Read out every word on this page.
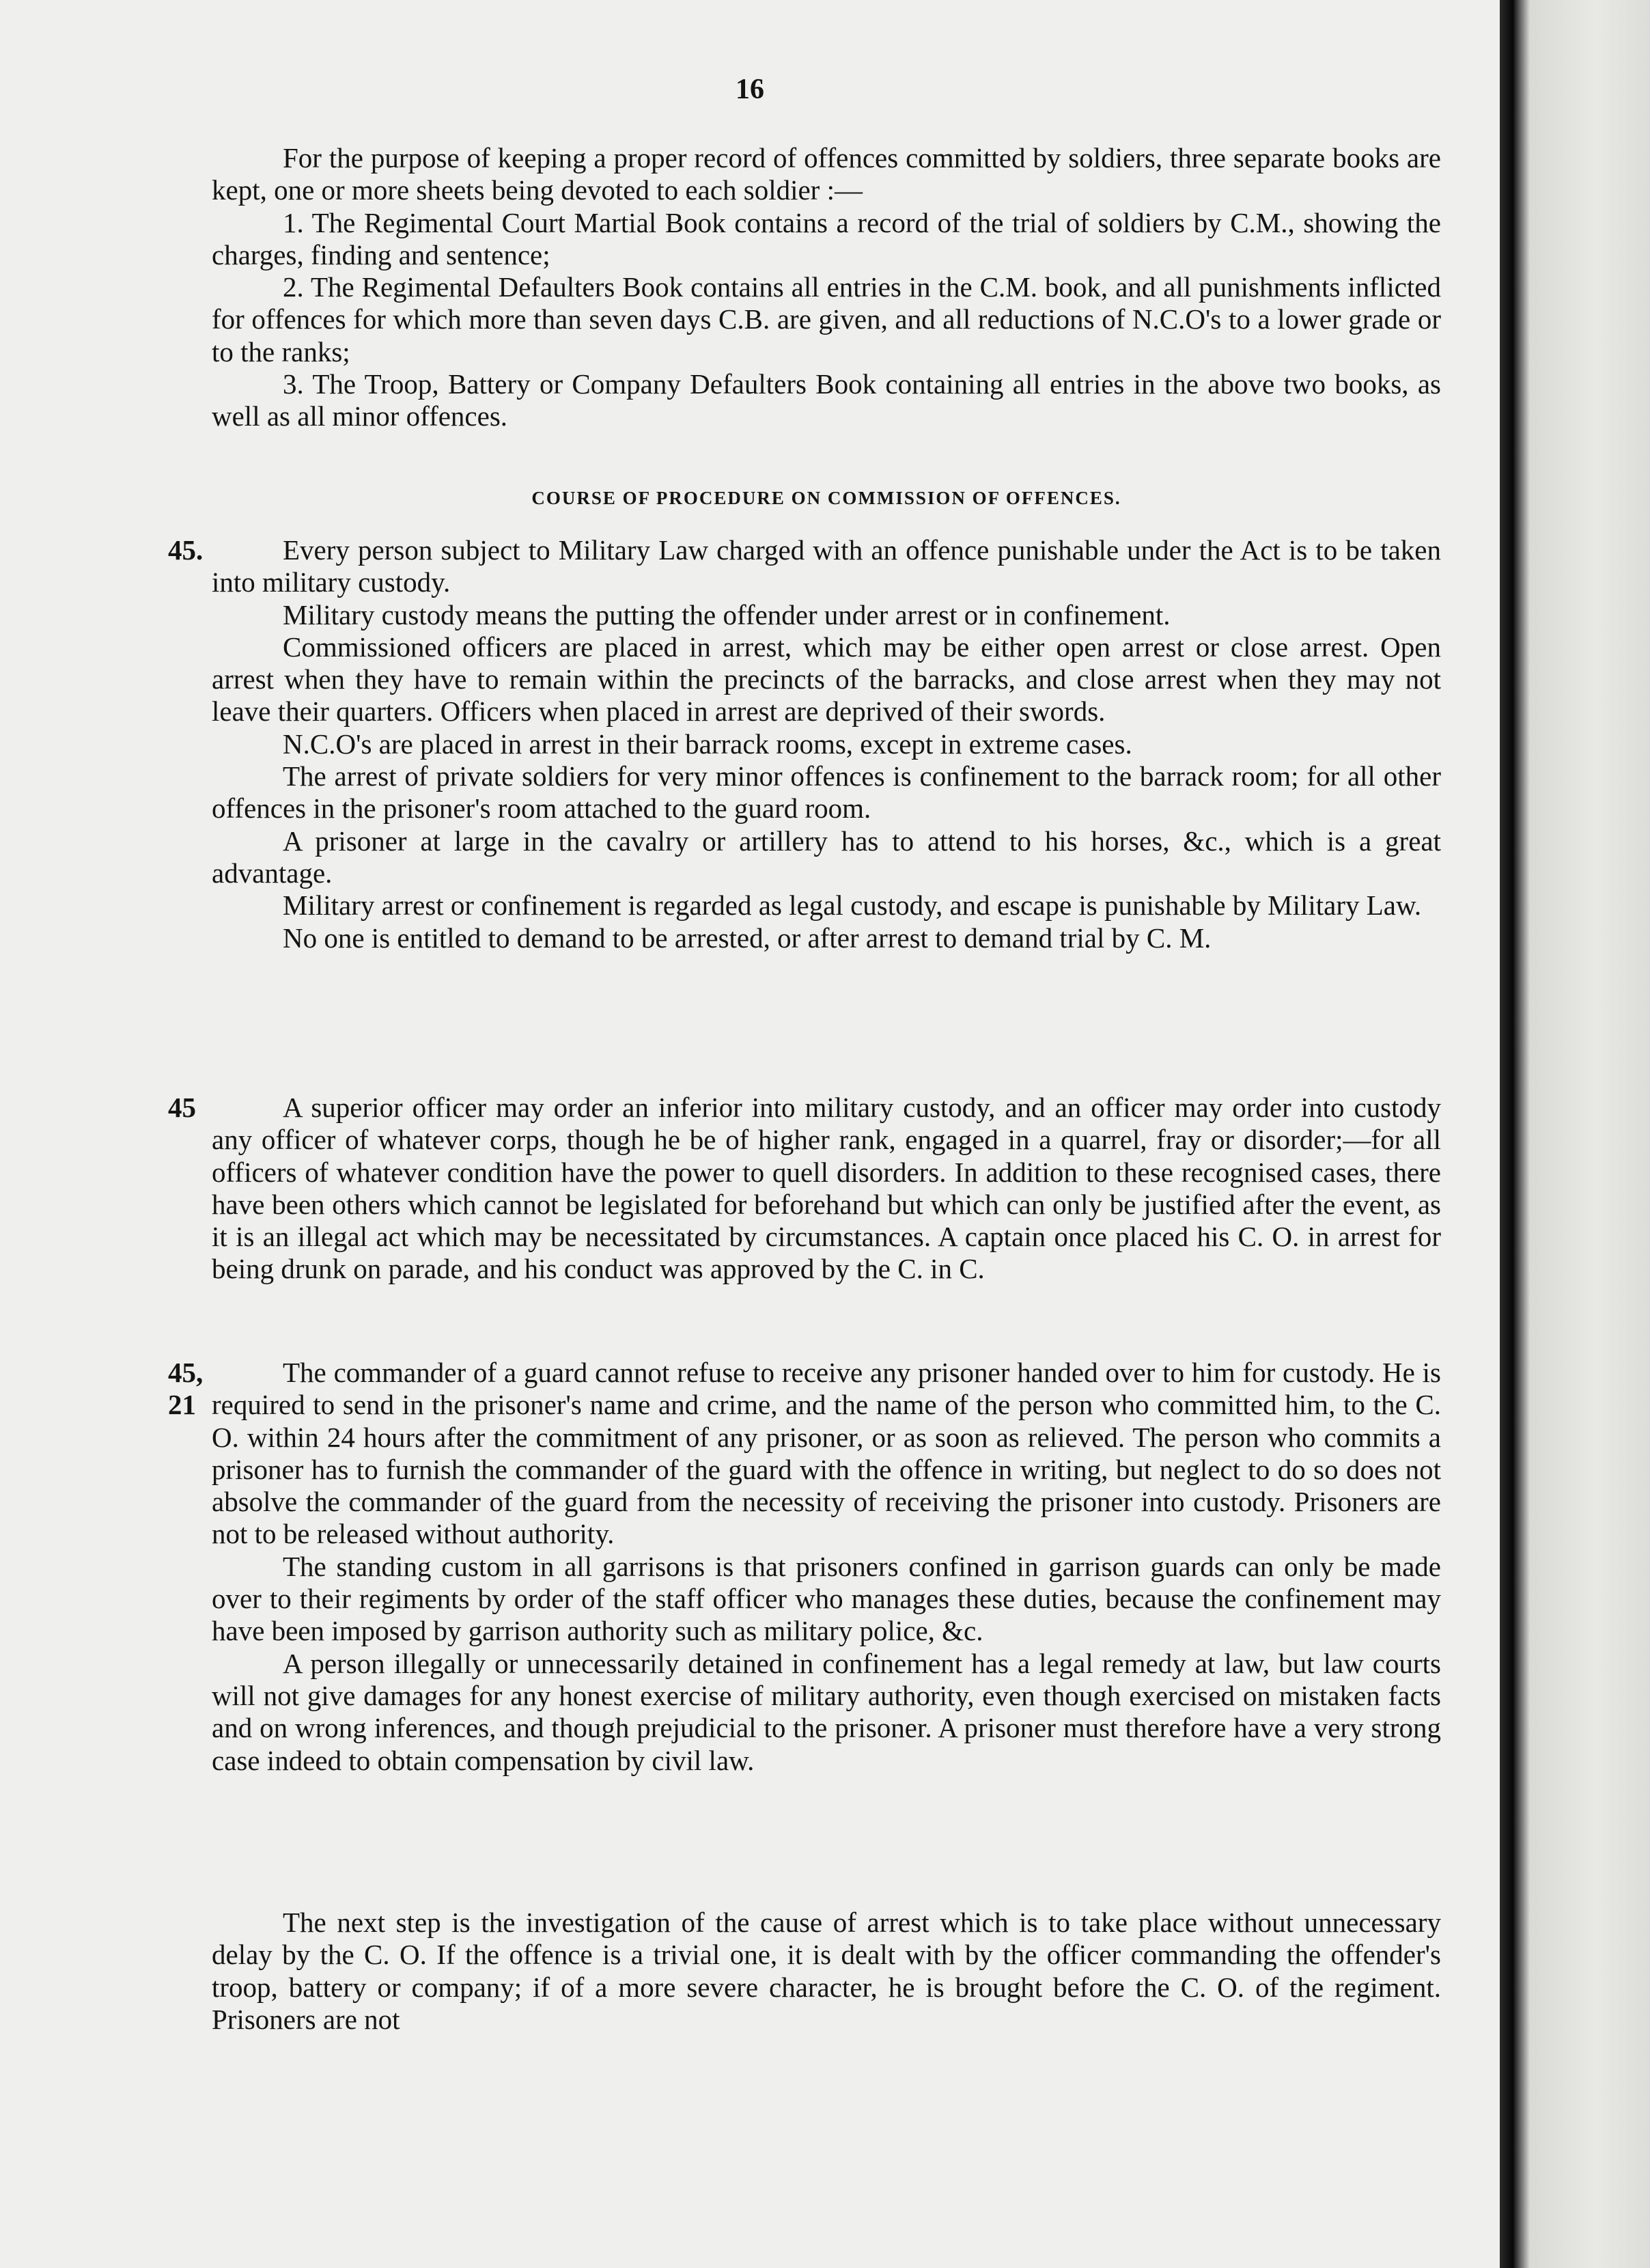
16
For the purpose of keeping a proper record of offences committed by soldiers, three separate books are kept, one or more sheets being devoted to each soldier :—
1. The Regimental Court Martial Book contains a record of the trial of soldiers by C.M., showing the charges, finding and sentence;
2. The Regimental Defaulters Book contains all entries in the C.M. book, and all punishments inflicted for offences for which more than seven days C.B. are given, and all reductions of N.C.O's to a lower grade or to the ranks;
3. The Troop, Battery or Company Defaulters Book containing all entries in the above two books, as well as all minor offences.
COURSE OF PROCEDURE ON COMMISSION OF OFFENCES.
45.	Every person subject to Military Law charged with an offence punishable under the Act is to be taken into military custody.
Military custody means the putting the offender under arrest or in confinement.
Commissioned officers are placed in arrest, which may be either open arrest or close arrest. Open arrest when they have to remain within the precincts of the barracks, and close arrest when they may not leave their quarters. Officers when placed in arrest are deprived of their swords.
N.C.O's are placed in arrest in their barrack rooms, except in extreme cases.
The arrest of private soldiers for very minor offences is confinement to the barrack room; for all other offences in the prisoner's room attached to the guard room.
A prisoner at large in the cavalry or artillery has to attend to his horses, &c., which is a great advantage.
Military arrest or confinement is regarded as legal custody, and escape is punishable by Military Law.
No one is entitled to demand to be arrested, or after arrest to demand trial by C. M.
45	A superior officer may order an inferior into military custody, and an officer may order into custody any officer of whatever corps, though he be of higher rank, engaged in a quarrel, fray or disorder;—for all officers of whatever condition have the power to quell disorders. In addition to these recognised cases, there have been others which cannot be legislated for beforehand but which can only be justified after the event, as it is an illegal act which may be necessitated by circumstances. A captain once placed his C. O. in arrest for being drunk on parade, and his conduct was approved by the C. in C.
45,
21
The commander of a guard cannot refuse to receive any prisoner handed over to him for custody. He is required to send in the prisoner's name and crime, and the name of the person who committed him, to the C. O. within 24 hours after the commitment of any prisoner, or as soon as relieved. The person who commits a prisoner has to furnish the commander of the guard with the offence in writing, but neglect to do so does not absolve the commander of the guard from the necessity of receiving the prisoner into custody. Prisoners are not to be released without authority.
The standing custom in all garrisons is that prisoners confined in garrison guards can only be made over to their regiments by order of the staff officer who manages these duties, because the confinement may have been imposed by garrison authority such as military police, &c.
A person illegally or unnecessarily detained in confinement has a legal remedy at law, but law courts will not give damages for any honest exercise of military authority, even though exercised on mistaken facts and on wrong inferences, and though prejudicial to the prisoner. A prisoner must therefore have a very strong case indeed to obtain compensation by civil law.
The next step is the investigation of the cause of arrest which is to take place without unnecessary delay by the C. O. If the offence is a trivial one, it is dealt with by the officer commanding the offender's troop, battery or company; if of a more severe character, he is brought before the C. O. of the regiment. Prisoners are not
